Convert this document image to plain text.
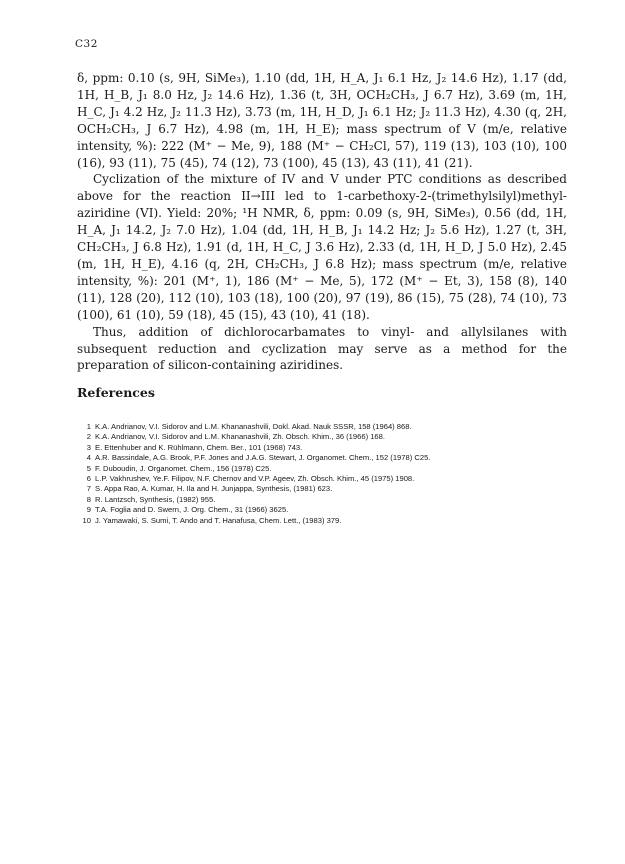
C32

δ, ppm: 0.10 (s, 9H, SiMe₃), 1.10 (dd, 1H, H_A, J₁ 6.1 Hz, J₂ 14.6 Hz), 1.17 (dd, 1H, H_B, J₁ 8.0 Hz, J₂ 14.6 Hz), 1.36 (t, 3H, OCH₂CH₃, J 6.7 Hz), 3.69 (m, 1H, H_C, J₁ 4.2 Hz, J₂ 11.3 Hz), 3.73 (m, 1H, H_D, J₁ 6.1 Hz; J₂ 11.3 Hz), 4.30 (q, 2H, OCH₂CH₃, J 6.7 Hz), 4.98 (m, 1H, H_E); mass spectrum of V (m/e, relative intensity, %): 222 (M⁺ − Me, 9), 188 (M⁺ − CH₂Cl, 57), 119 (13), 103 (10), 100 (16), 93 (11), 75 (45), 74 (12), 73 (100), 45 (13), 43 (11), 41 (21).

Cyclization of the mixture of IV and V under PTC conditions as described above for the reaction II→III led to 1-carbethoxy-2-(trimethylsilyl)methyl-aziridine (VI). Yield: 20%; ¹H NMR, δ, ppm: 0.09 (s, 9H, SiMe₃), 0.56 (dd, 1H, H_A, J₁ 14.2, J₂ 7.0 Hz), 1.04 (dd, 1H, H_B, J₁ 14.2 Hz; J₂ 5.6 Hz), 1.27 (t, 3H, CH₂CH₃, J 6.8 Hz), 1.91 (d, 1H, H_C, J 3.6 Hz), 2.33 (d, 1H, H_D, J 5.0 Hz), 2.45 (m, 1H, H_E), 4.16 (q, 2H, CH₂CH₃, J 6.8 Hz); mass spectrum (m/e, relative intensity, %): 201 (M⁺, 1), 186 (M⁺ − Me, 5), 172 (M⁺ − Et, 3), 158 (8), 140 (11), 128 (20), 112 (10), 103 (18), 100 (20), 97 (19), 86 (15), 75 (28), 74 (10), 73 (100), 61 (10), 59 (18), 45 (15), 43 (10), 41 (18).

Thus, addition of dichlorocarbamates to vinyl- and allylsilanes with subsequent reduction and cyclization may serve as a method for the preparation of silicon-containing aziridines.

References
1 K.A. Andrianov, V.I. Sidorov and L.M. Khananashvili, Dokl. Akad. Nauk SSSR, 158 (1964) 868.
2 K.A. Andrianov, V.I. Sidorov and L.M. Khananashvili, Zh. Obsch. Khim., 36 (1966) 168.
3 E. Ettenhuber and K. Rühlmann, Chem. Ber., 101 (1968) 743.
4 A.R. Bassindale, A.G. Brook, P.F. Jones and J.A.G. Stewart, J. Organomet. Chem., 152 (1978) C25.
5 F. Duboudin, J. Organomet. Chem., 156 (1978) C25.
6 L.P. Vakhrushev, Ye.F. Filipov, N.F. Chernov and V.P. Ageev, Zh. Obsch. Khim., 45 (1975) 1908.
7 S. Appa Rao, A. Kumar, H. Ila and H. Junjappa, Synthesis, (1981) 623.
8 R. Lantzsch, Synthesis, (1982) 955.
9 T.A. Foglia and D. Swern, J. Org. Chem., 31 (1966) 3625.
10 J. Yamawaki, S. Sumi, T. Ando and T. Hanafusa, Chem. Lett., (1983) 379.
